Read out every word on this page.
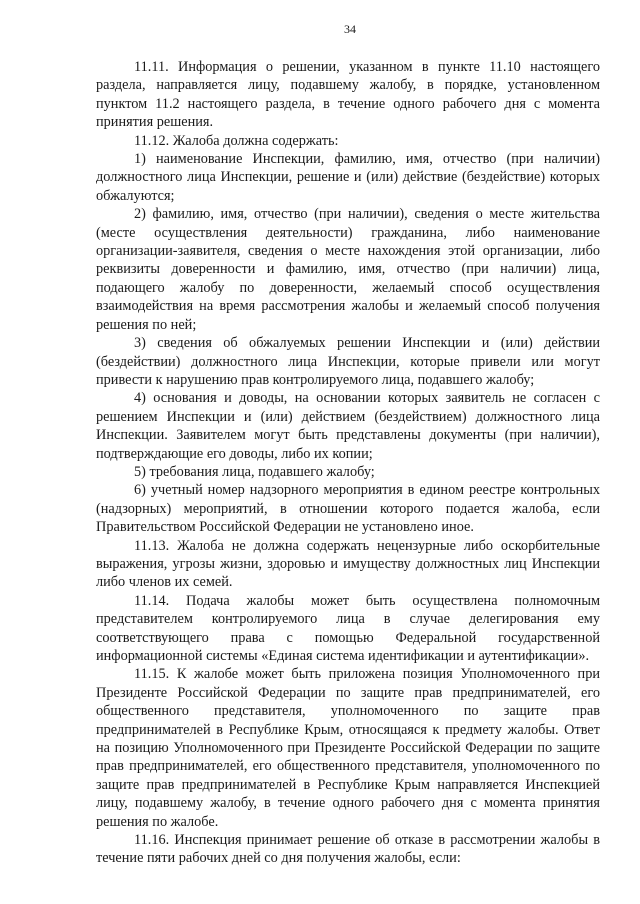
34

11.11. Информация о решении, указанном в пункте 11.10 настоящего раздела, направляется лицу, подавшему жалобу, в порядке, установленном пунктом 11.2 настоящего раздела, в течение одного рабочего дня с момента принятия решения.

11.12. Жалоба должна содержать:

1) наименование Инспекции, фамилию, имя, отчество (при наличии) должностного лица Инспекции, решение и (или) действие (бездействие) которых обжалуются;

2) фамилию, имя, отчество (при наличии), сведения о месте жительства (месте осуществления деятельности) гражданина, либо наименование организации-заявителя, сведения о месте нахождения этой организации, либо реквизиты доверенности и фамилию, имя, отчество (при наличии) лица, подающего жалобу по доверенности, желаемый способ осуществления взаимодействия на время рассмотрения жалобы и желаемый способ получения решения по ней;

3) сведения об обжалуемых решении Инспекции и (или) действии (бездействии) должностного лица Инспекции, которые привели или могут привести к нарушению прав контролируемого лица, подавшего жалобу;

4) основания и доводы, на основании которых заявитель не согласен с решением Инспекции и (или) действием (бездействием) должностного лица Инспекции. Заявителем могут быть представлены документы (при наличии), подтверждающие его доводы, либо их копии;

5) требования лица, подавшего жалобу;

6) учетный номер надзорного мероприятия в едином реестре контрольных (надзорных) мероприятий, в отношении которого подается жалоба, если Правительством Российской Федерации не установлено иное.

11.13. Жалоба не должна содержать нецензурные либо оскорбительные выражения, угрозы жизни, здоровью и имуществу должностных лиц Инспекции либо членов их семей.

11.14. Подача жалобы может быть осуществлена полномочным представителем контролируемого лица в случае делегирования ему соответствующего права с помощью Федеральной государственной информационной системы «Единая система идентификации и аутентификации».

11.15. К жалобе может быть приложена позиция Уполномоченного при Президенте Российской Федерации по защите прав предпринимателей, его общественного представителя, уполномоченного по защите прав предпринимателей в Республике Крым, относящаяся к предмету жалобы. Ответ на позицию Уполномоченного при Президенте Российской Федерации по защите прав предпринимателей, его общественного представителя, уполномоченного по защите прав предпринимателей в Республике Крым направляется Инспекцией лицу, подавшему жалобу, в течение одного рабочего дня с момента принятия решения по жалобе.

11.16. Инспекция принимает решение об отказе в рассмотрении жалобы в течение пяти рабочих дней со дня получения жалобы, если:
